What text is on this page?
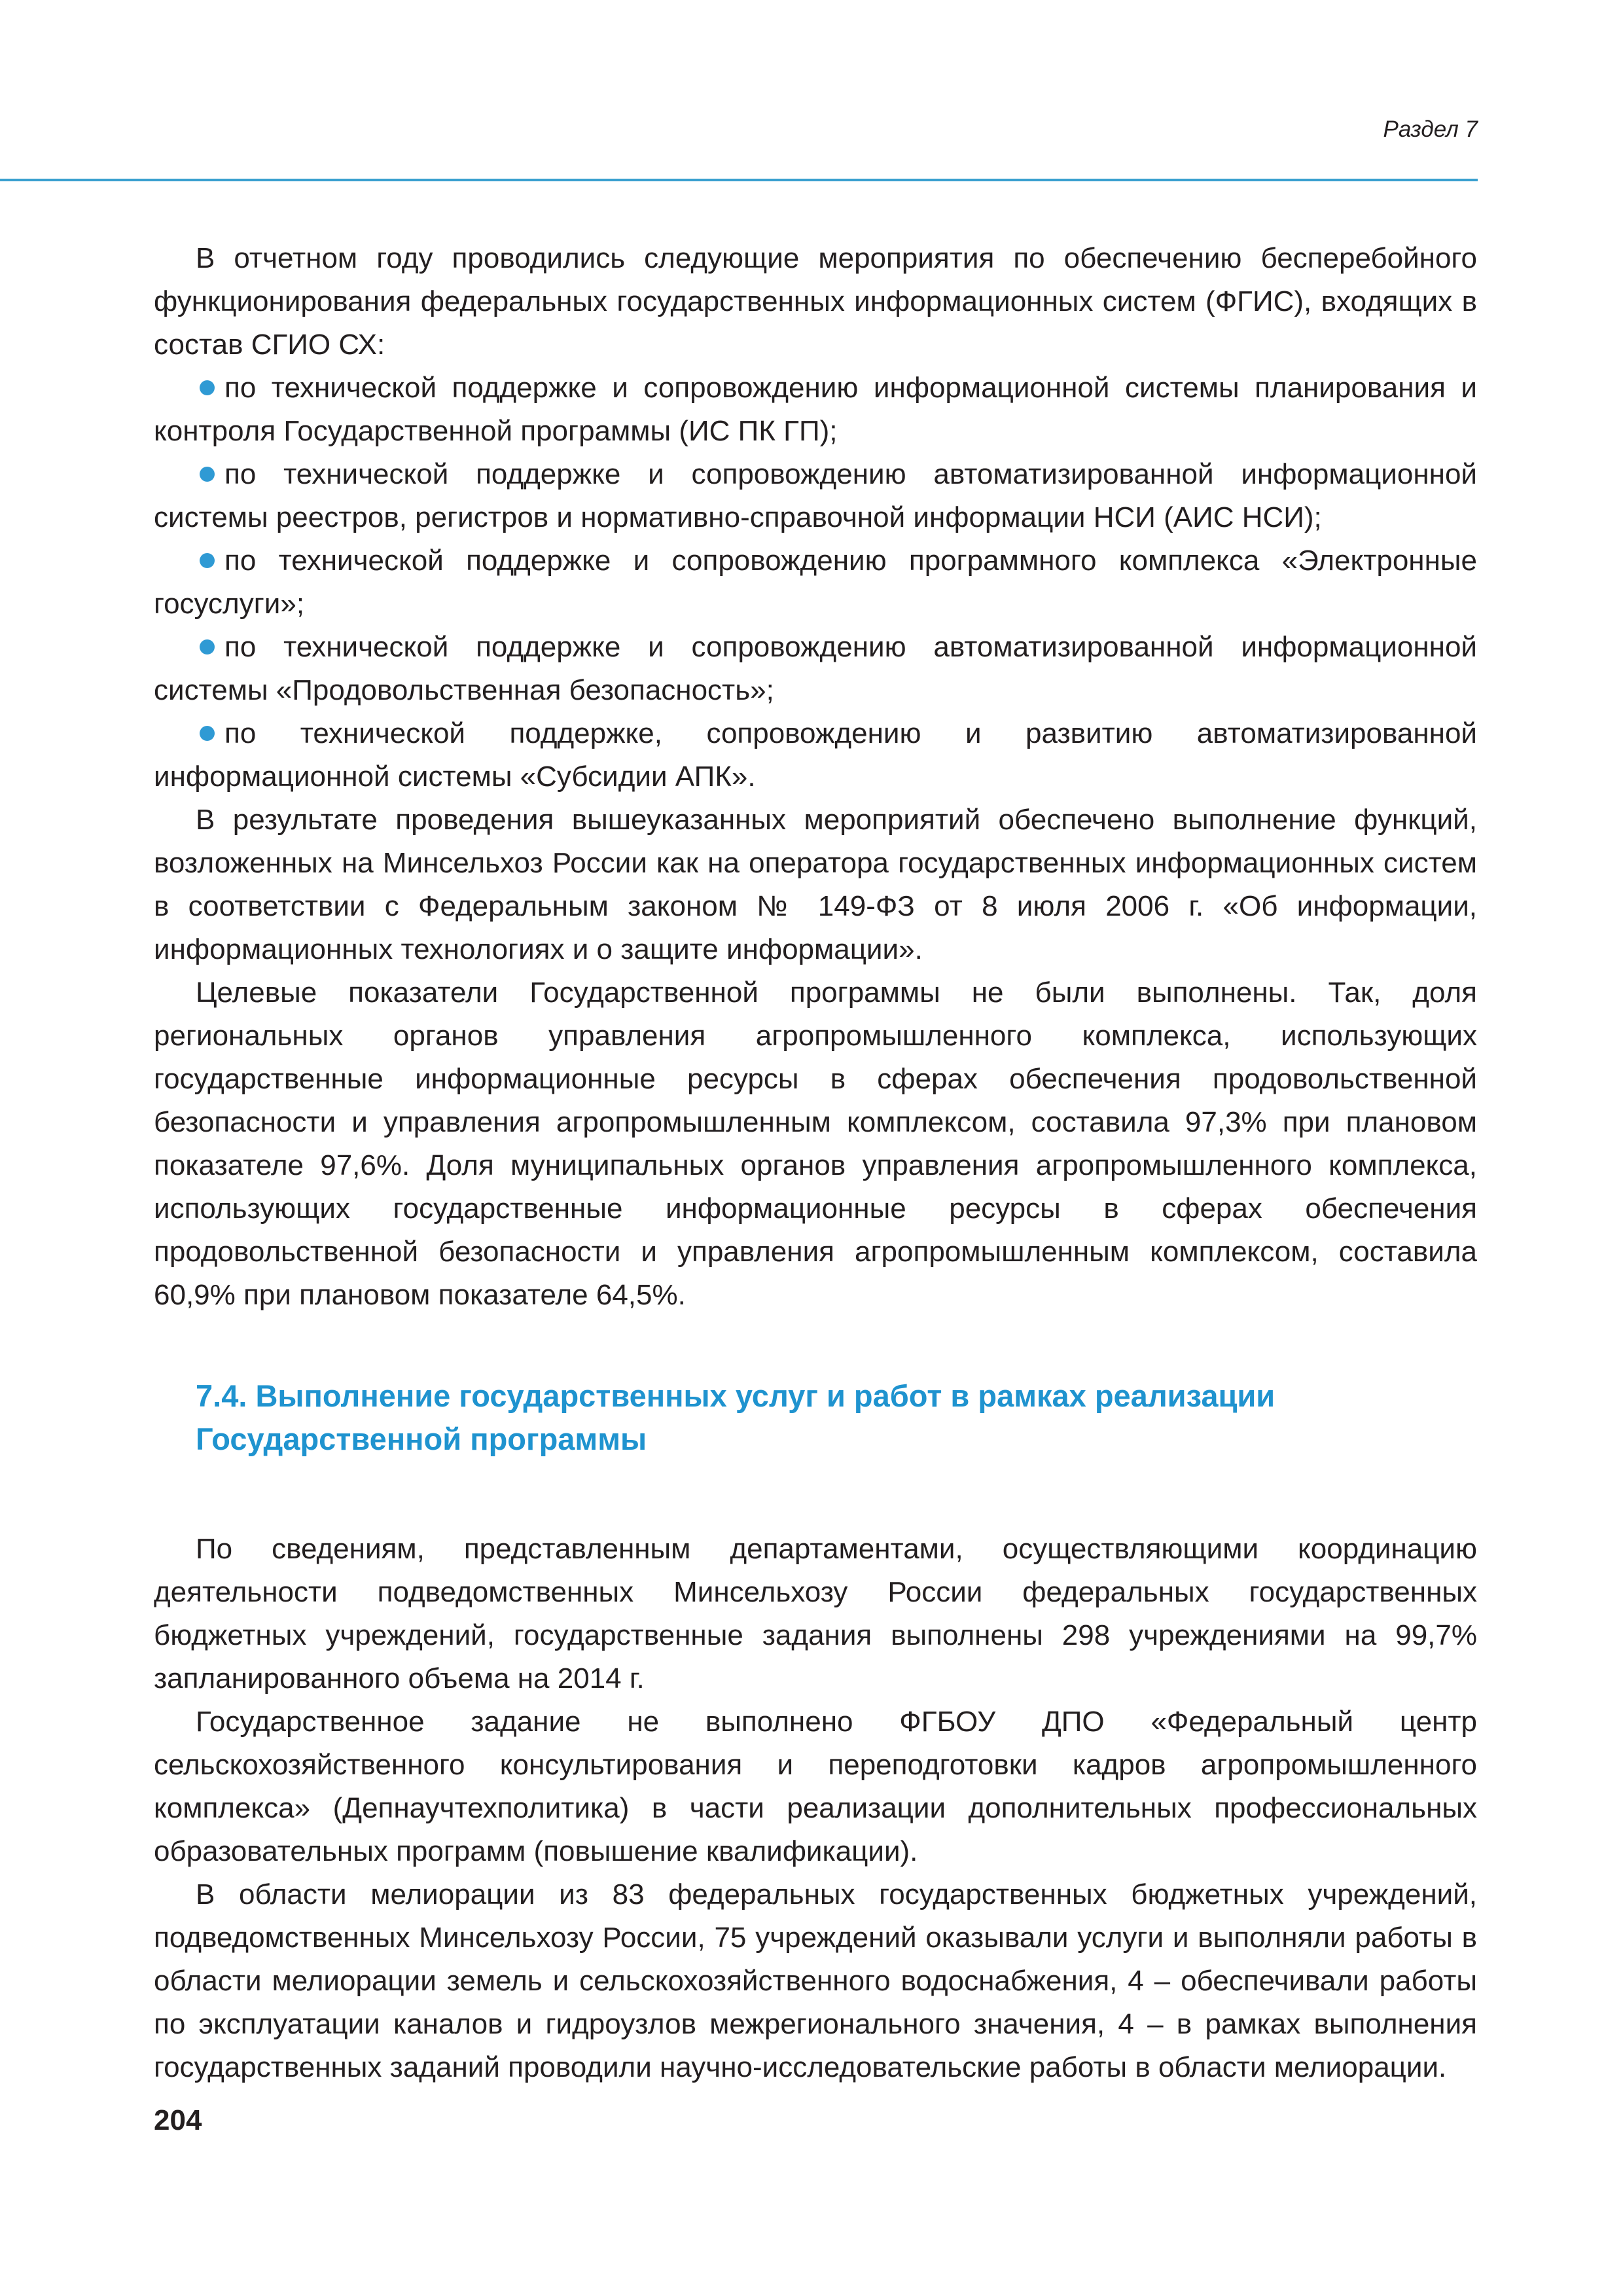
Раздел 7

В отчетном году проводились следующие мероприятия по обеспечению бесперебойного функционирования федеральных государственных информационных систем (ФГИС), входящих в состав СГИО СХ:

по технической поддержке и сопровождению информационной системы планирования и контроля Государственной программы (ИС ПК ГП);

по технической поддержке и сопровождению автоматизированной информационной системы реестров, регистров и нормативно-справочной информации НСИ (АИС НСИ);

по технической поддержке и сопровождению программного комплекса «Электронные госуслуги»;

по технической поддержке и сопровождению автоматизированной информационной системы «Продовольственная безопасность»;

по технической поддержке, сопровождению и развитию автоматизированной информационной системы «Субсидии АПК».

В результате проведения вышеуказанных мероприятий обеспечено выполнение функций, возложенных на Минсельхоз России как на оператора государственных информационных систем в соответствии с Федеральным законом № 149-ФЗ от 8 июля 2006 г. «Об информации, информационных технологиях и о защите информации».

Целевые показатели Государственной программы не были выполнены. Так, доля региональных органов управления агропромышленного комплекса, использующих государственные информационные ресурсы в сферах обеспечения продовольственной безопасности и управления агропромышленным комплексом, составила 97,3% при плановом показателе 97,6%. Доля муниципальных органов управления агропромышленного комплекса, использующих государственные информационные ресурсы в сферах обеспечения продовольственной безопасности и управления агропромышленным комплексом, составила 60,9% при плановом показателе 64,5%.

7.4. Выполнение государственных услуг и работ в рамках реализации
Государственной программы

По сведениям, представленным департаментами, осуществляющими координацию деятельности подведомственных Минсельхозу России федеральных государственных бюджетных учреждений, государственные задания выполнены 298 учреждениями на 99,7% запланированного объема на 2014 г.

Государственное задание не выполнено ФГБОУ ДПО «Федеральный центр сельскохозяйственного консультирования и переподготовки кадров агропромышленного комплекса» (Депнаучтехполитика) в части реализации дополнительных профессиональных образовательных программ (повышение квалификации).

В области мелиорации из 83 федеральных государственных бюджетных учреждений, подведомственных Минсельхозу России, 75 учреждений оказывали услуги и выполняли работы в области мелиорации земель и сельскохозяйственного водоснабжения, 4 – обеспечивали работы по эксплуатации каналов и гидроузлов межрегионального значения, 4 – в рамках выполнения государственных заданий проводили научно-исследовательские работы в области мелиорации.

204
